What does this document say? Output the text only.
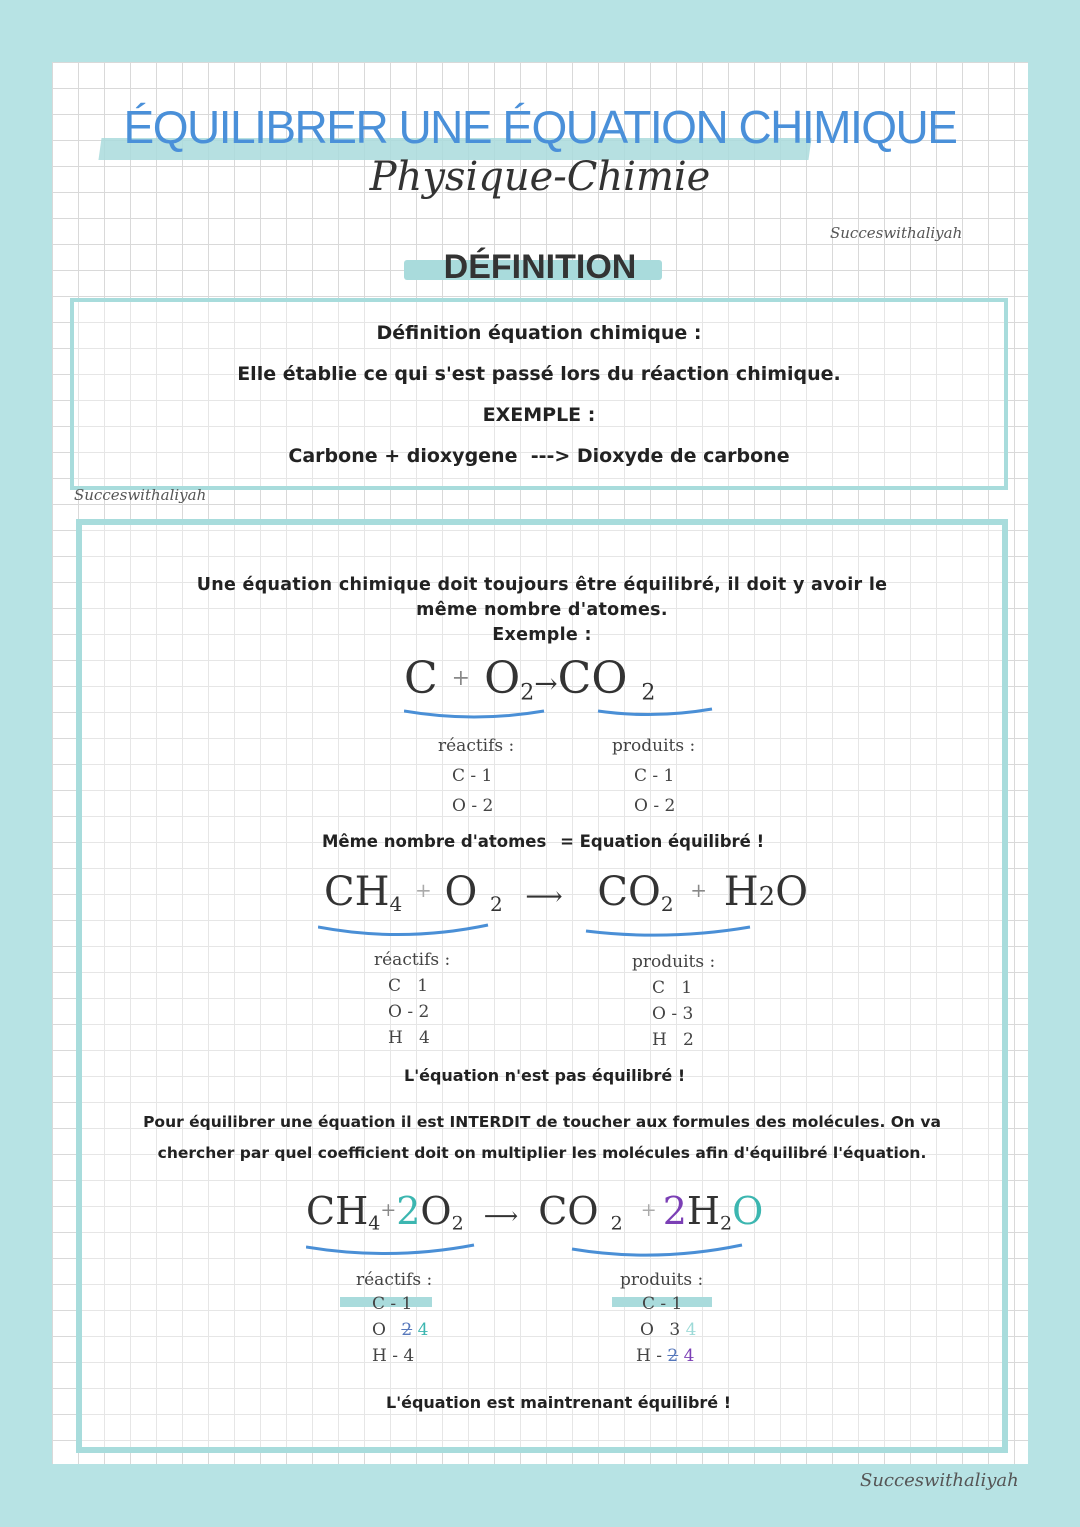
ÉQUILIBRER UNE ÉQUATION CHIMIQUE
Physique-Chimie
Succeswithaliyah
DÉFINITION
Définition équation chimique :
Elle établie ce qui s'est passé lors du réaction chimique.
EXEMPLE :
Carbone + dioxygene  ---> Dioxyde de carbone
Succeswithaliyah
Une équation chimique doit toujours être équilibré, il doit y avoir le
même nombre d'atomes.
Exemple :
$C + O_2\to CO$ $_2$
réactifs :
C - 1
O - 2
produits :
C - 1
O - 2
Même nombre d'atomes = Equation équilibré !
$CH_4$ + O $_2$ ⟶ $CO_2$ + H2O
réactifs :
C   1
O - 2
H   4
produits :
C   1
O - 3
H   2
L'équation n'est pas équilibré !
Pour équilibrer une équation il est INTERDIT de toucher aux formules des molécules. On va
chercher par quel coefficient doit on multiplier les molécules afin d'équilibré l'équation.
$CH_4^+2O_2$ ⟶ CO $_2$ + $2H_2O$
réactifs :
C - 1
O 2 4
H - 4
produits :
C - 1
O 3 4
H - 2 4
L'équation est maintrenant équilibré !
Succeswithaliyah
